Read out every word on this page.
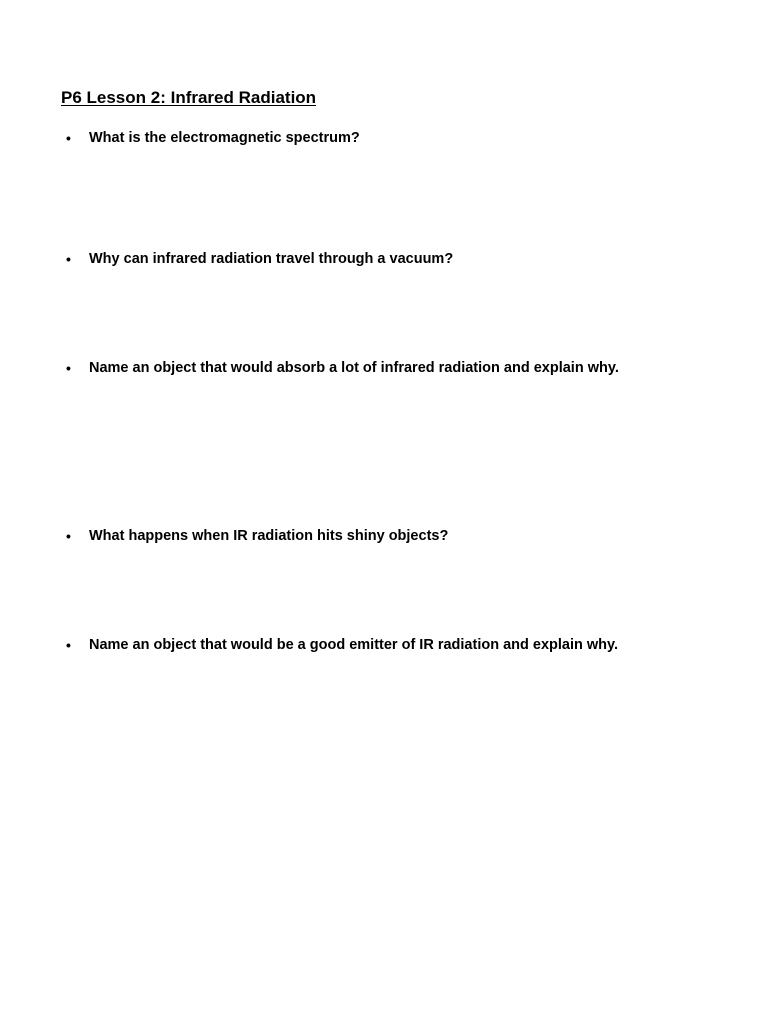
P6 Lesson 2: Infrared Radiation
•	What is the electromagnetic spectrum?
•	Why can infrared radiation travel through a vacuum?
•	Name an object that would absorb a lot of infrared radiation and explain why.
•	What happens when IR radiation hits shiny objects?
•	Name an object that would be a good emitter of IR radiation and explain why.
